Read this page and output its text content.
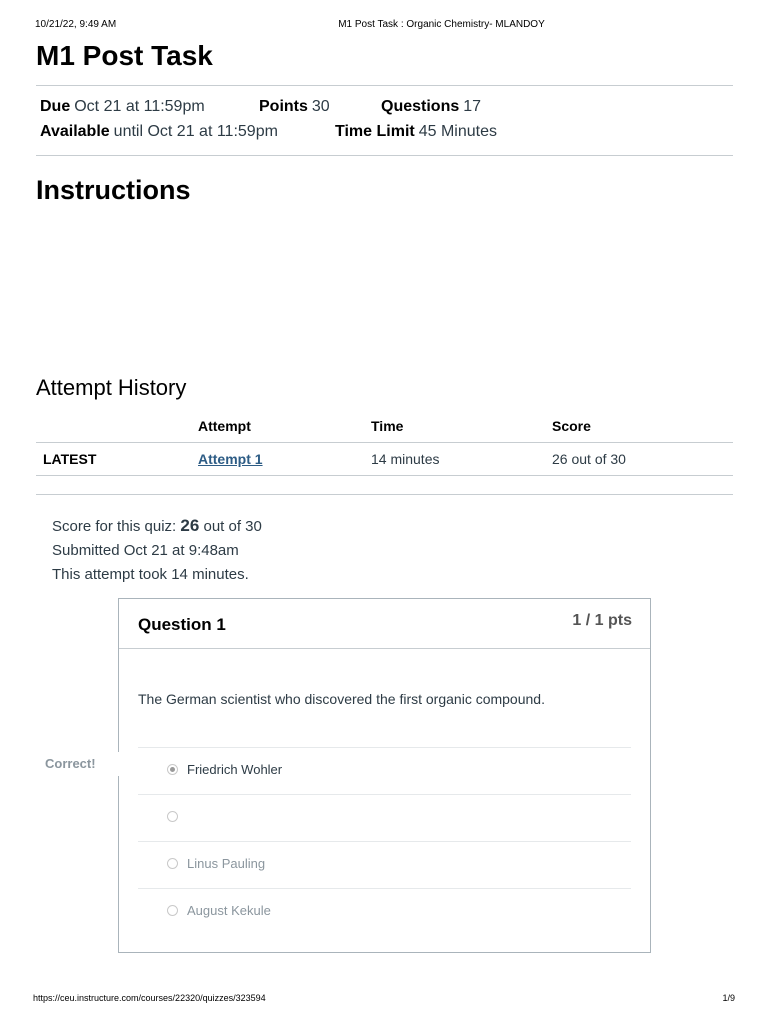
10/21/22, 9:49 AM	M1 Post Task : Organic Chemistry- MLANDOY
M1 Post Task
Due Oct 21 at 11:59pm	Points 30	Questions 17
Available until Oct 21 at 11:59pm	Time Limit 45 Minutes
Instructions
Attempt History
	Attempt	Time	Score
LATEST	Attempt 1	14 minutes	26 out of 30
Score for this quiz: 26 out of 30
Submitted Oct 21 at 9:48am
This attempt took 14 minutes.
Question 1	1 / 1 pts
The German scientist who discovered the first organic compound.
Friedrich Wohler
Linus Pauling
August Kekule
Correct!
https://ceu.instructure.com/courses/22320/quizzes/323594	1/9
